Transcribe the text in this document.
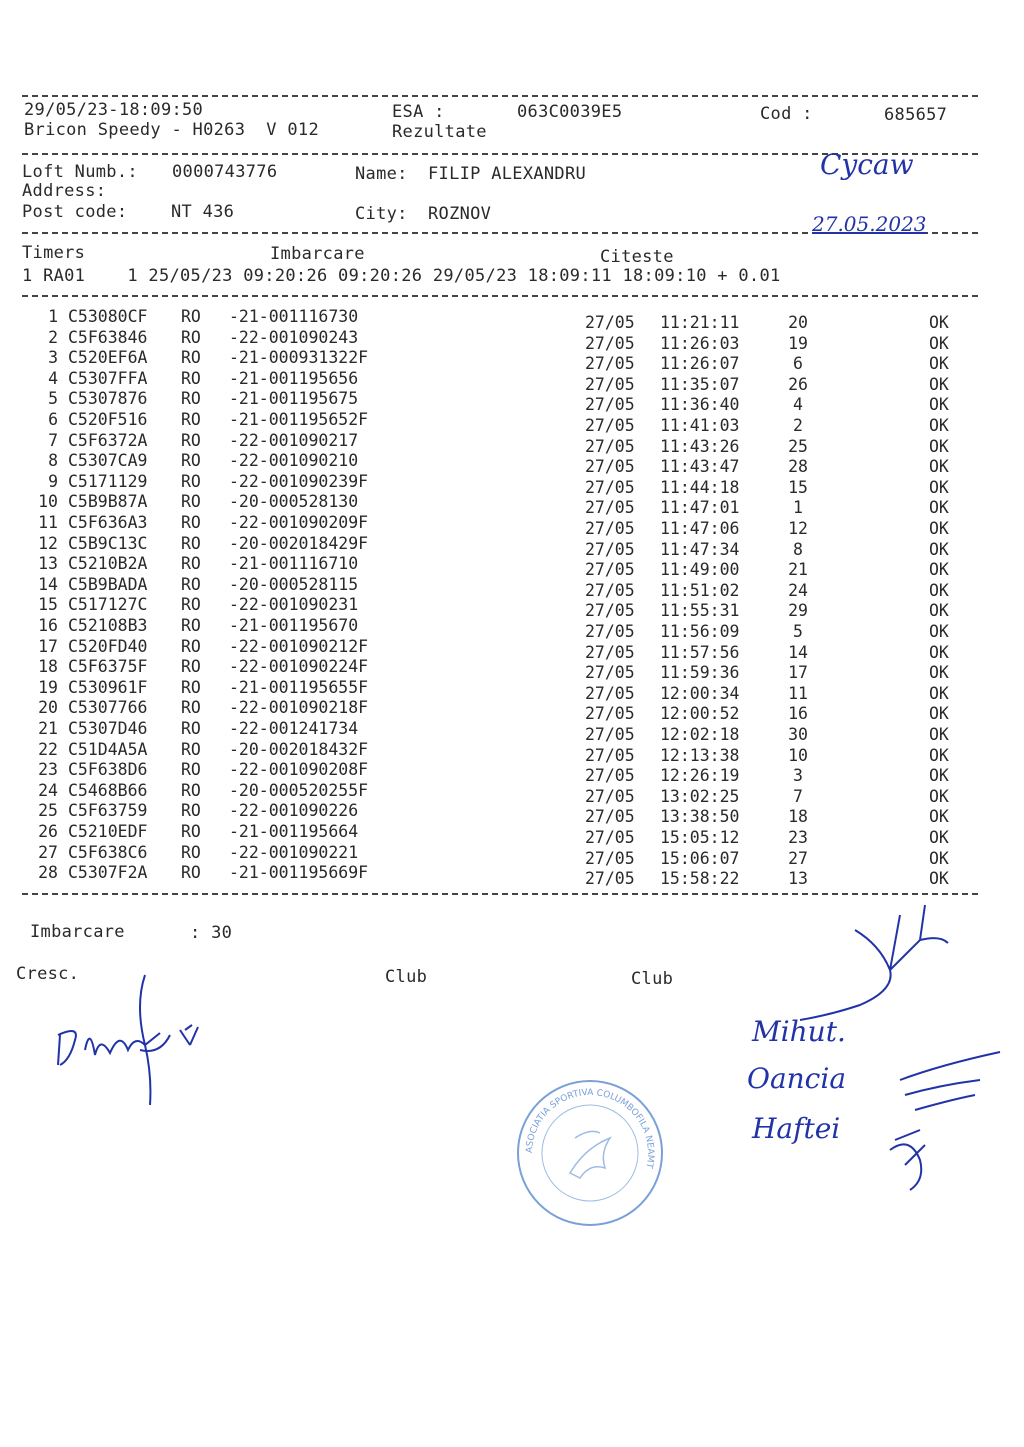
29/05/23-18:09:50	ESA :	063C0039E5	Cod :	685657
Bricon Speedy - H0263  V 012	Rezultate
Loft Numb.: 0000743776	Name: FILIP ALEXANDRU
Address:
Post code:	NT 436	City: ROZNOV
Cycaw
27.05.2023
Timers	Imbarcare	Citeste
1 RA01    1 25/05/23 09:20:26 09:20:26 29/05/23 18:09:11 18:09:10 + 0.01
1 C53080CF RO -21-001116730	27/05 11:21:11	20	OK
2 C5F63846 RO -22-001090243	27/05 11:26:03	19	OK
3 C520EF6A RO -21-000931322F	27/05 11:26:07	6	OK
4 C5307FFA RO -21-001195656	27/05 11:35:07	26	OK
5 C5307876 RO -21-001195675	27/05 11:36:40	4	OK
6 C520F516 RO -21-001195652F	27/05 11:41:03	2	OK
7 C5F6372A RO -22-001090217	27/05 11:43:26	25	OK
8 C5307CA9 RO -22-001090210	27/05 11:43:47	28	OK
9 C5171129 RO -22-001090239F	27/05 11:44:18	15	OK
10 C5B9B87A RO -20-000528130	27/05 11:47:01	1	OK
11 C5F636A3 RO -22-001090209F	27/05 11:47:06	12	OK
12 C5B9C13C RO -20-002018429F	27/05 11:47:34	8	OK
13 C5210B2A RO -21-001116710	27/05 11:49:00	21	OK
14 C5B9BADA RO -20-000528115	27/05 11:51:02	24	OK
15 C517127C RO -22-001090231	27/05 11:55:31	29	OK
16 C52108B3 RO -21-001195670	27/05 11:56:09	5	OK
17 C520FD40 RO -22-001090212F	27/05 11:57:56	14	OK
18 C5F6375F RO -22-001090224F	27/05 11:59:36	17	OK
19 C530961F RO -21-001195655F	27/05 12:00:34	11	OK
20 C5307766 RO -22-001090218F	27/05 12:00:52	16	OK
21 C5307D46 RO -22-001241734	27/05 12:02:18	30	OK
22 C51D4A5A RO -20-002018432F	27/05 12:13:38	10	OK
23 C5F638D6 RO -22-001090208F	27/05 12:26:19	3	OK
24 C5468B66 RO -20-000520255F	27/05 13:02:25	7	OK
25 C5F63759 RO -22-001090226	27/05 13:38:50	18	OK
26 C5210EDF RO -21-001195664	27/05 15:05:12	23	OK
27 C5F638C6 RO -22-001090221	27/05 15:06:07	27	OK
28 C5307F2A RO -21-001195669F	27/05 15:58:22	13	OK
Imbarcare	: 30
Cresc.	Club	Club
Mihut.
Oancia
Haftei
ASOCIATIA SPORTIVA COLUMBOFILA NEAMT
